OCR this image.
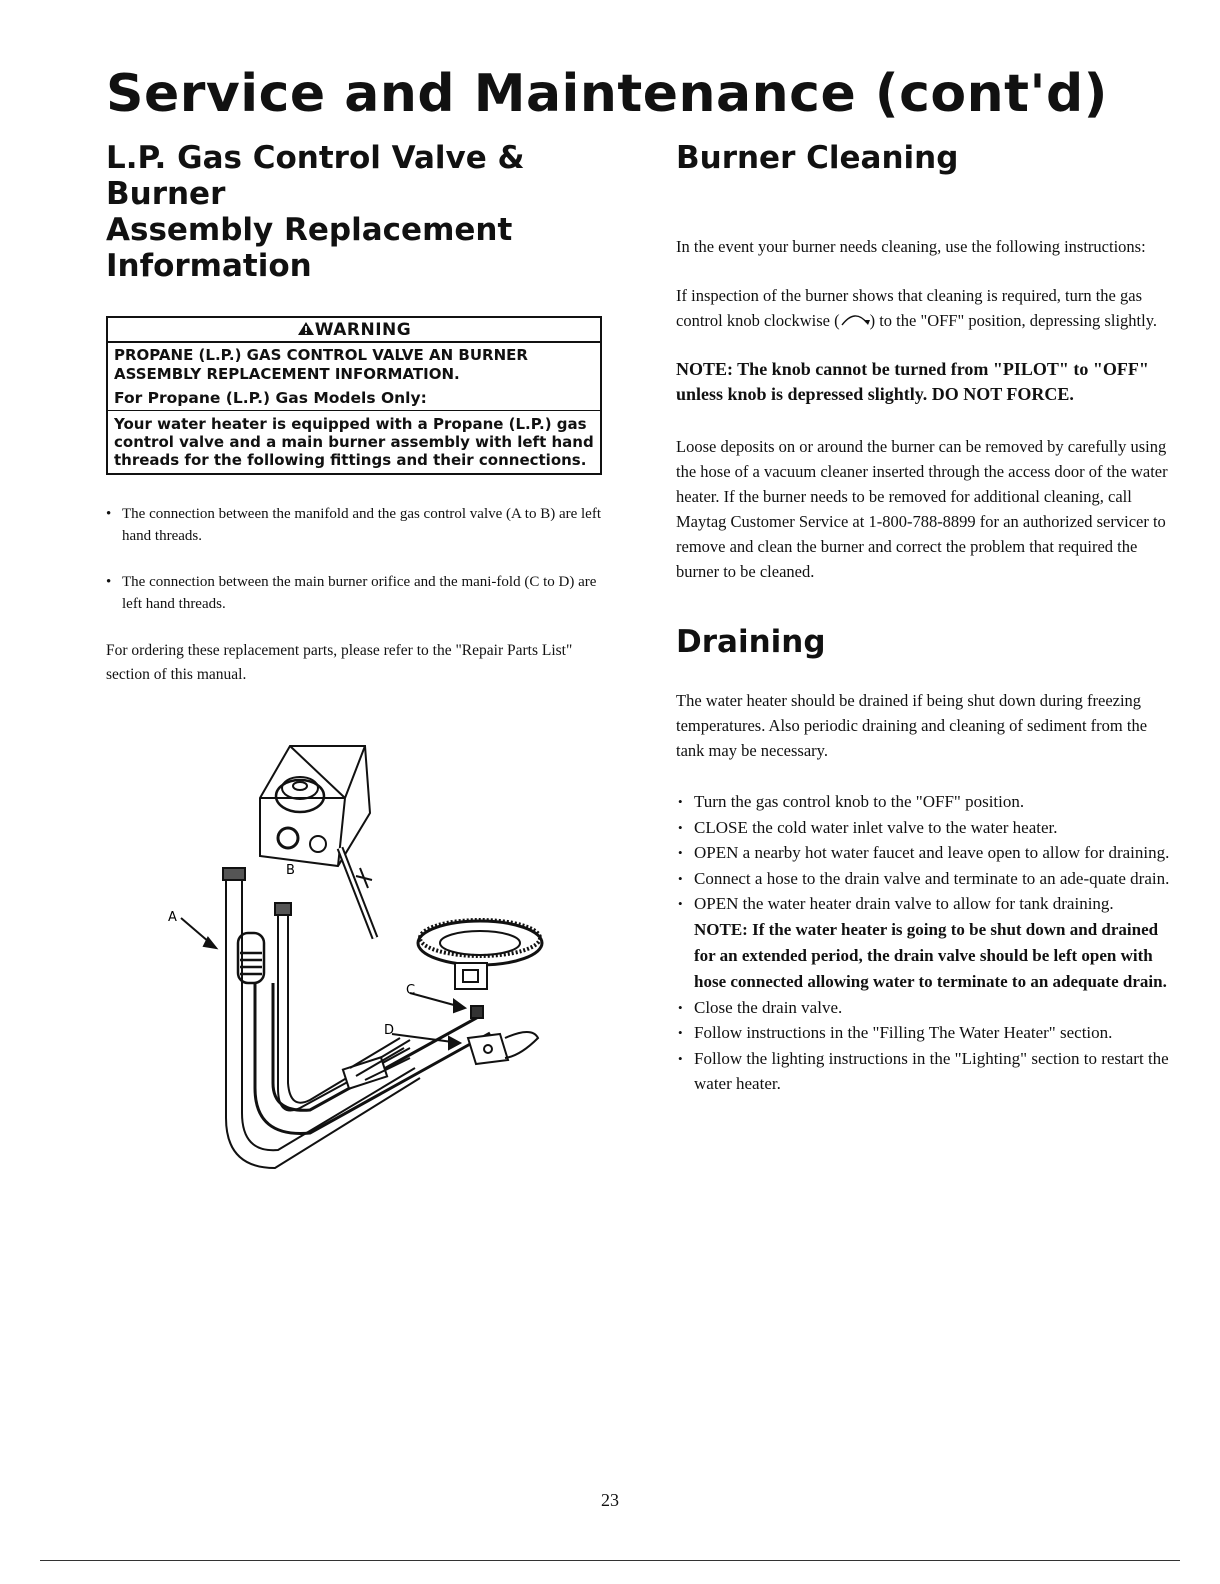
Service and Maintenance (cont'd)
L.P. Gas Control Valve & Burner
Assembly Replacement
Information
WARNING
PROPANE (L.P.) GAS CONTROL VALVE AN BURNER
ASSEMBLY REPLACEMENT INFORMATION.
For Propane (L.P.) Gas Models Only:
Your water heater is equipped with a Propane (L.P.) gas control valve and a main burner assembly with left hand threads for the following fittings and their connections.
• The connection between the manifold and the gas control valve (A to B) are left hand threads.
• The connection between the main burner orifice and the mani-fold (C to D) are left hand threads.

For ordering these replacement parts, please refer to the "Repair Parts List" section of this manual.

A
B
C
D
Burner Cleaning

In the event your burner needs cleaning, use the following instructions:

If inspection of the burner shows that cleaning is required, turn the gas control knob clockwise ( ) to the "OFF" position, depressing slightly.

NOTE: The knob cannot be turned from "PILOT" to "OFF" unless knob is depressed slightly. DO NOT FORCE.

Loose deposits on or around the burner can be removed by carefully using the hose of a vacuum cleaner inserted through the access door of the water heater. If the burner needs to be removed for additional cleaning, call Maytag Customer Service at 1-800-788-8899 for an authorized servicer to remove and clean the burner and correct the problem that required the burner to be cleaned.

Draining

The water heater should be drained if being shut down during freezing temperatures. Also periodic draining and cleaning of sediment from the tank may be necessary.

• Turn the gas control knob to the "OFF" position.
• CLOSE the cold water inlet valve to the water heater.
• OPEN a nearby hot water faucet and leave open to allow for draining.
• Connect a hose to the drain valve and terminate to an ade-quate drain.
• OPEN the water heater drain valve to allow for tank draining.
NOTE: If the water heater is going to be shut down and drained for an extended period, the drain valve should be left open with hose connected allowing water to terminate to an adequate drain.
• Close the drain valve.
• Follow instructions in the "Filling The Water Heater" section.
• Follow the lighting instructions in the "Lighting" section to restart the water heater.
23
